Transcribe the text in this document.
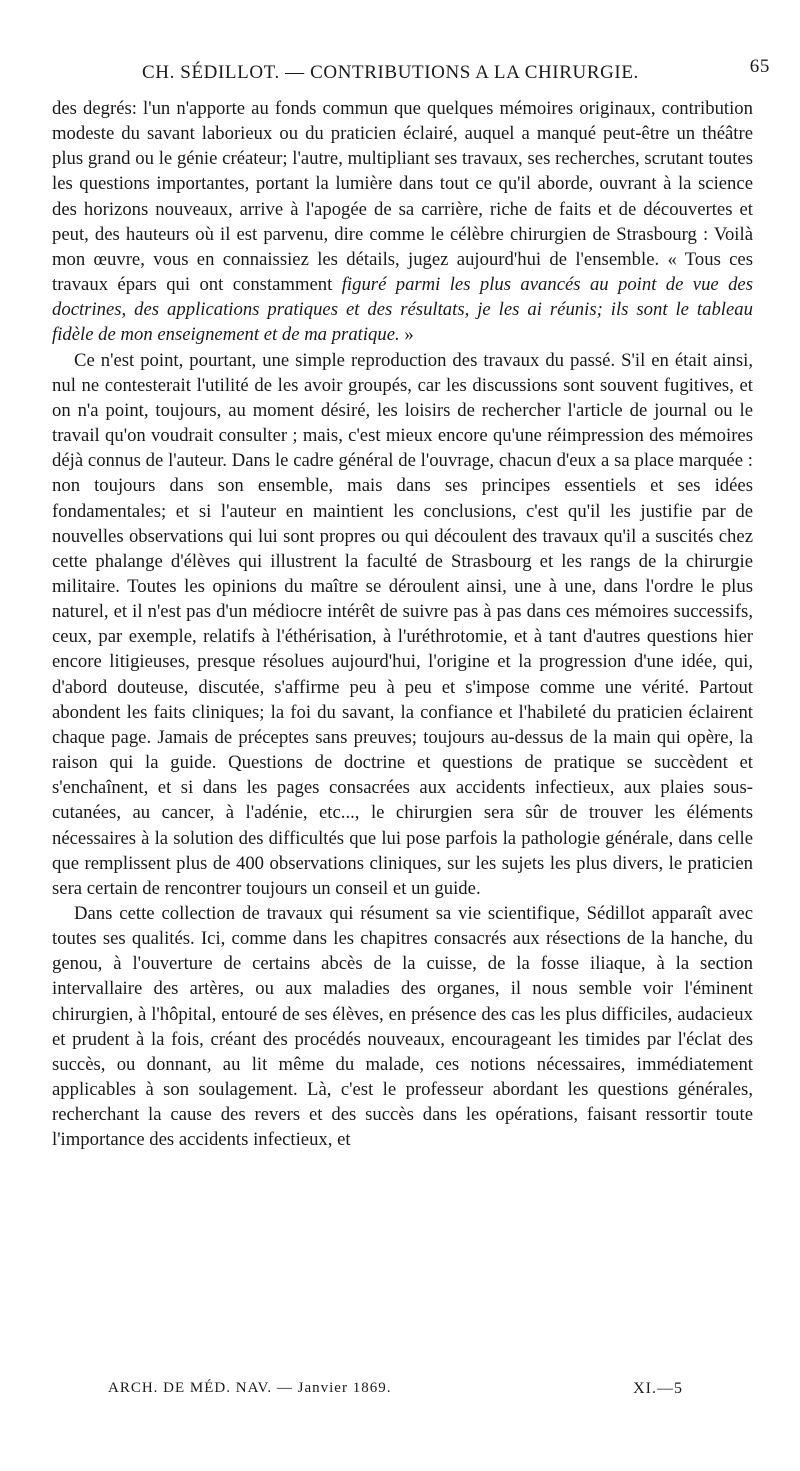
CH. SÉDILLOT. — CONTRIBUTIONS A LA CHIRURGIE.	65

des degrés: l'un n'apporte au fonds commun que quelques mémoires originaux, contribution modeste du savant laborieux ou du praticien éclairé, auquel a manqué peut-être un théâtre plus grand ou le génie créateur; l'autre, multipliant ses travaux, ses recherches, scrutant toutes les questions importantes, portant la lumière dans tout ce qu'il aborde, ouvrant à la science des horizons nouveaux, arrive à l'apogée de sa carrière, riche de faits et de découvertes et peut, des hauteurs où il est parvenu, dire comme le célèbre chirurgien de Strasbourg : Voilà mon œuvre, vous en connaissiez les détails, jugez aujourd'hui de l'ensemble. « Tous ces travaux épars qui ont constamment figuré parmi les plus avancés au point de vue des doctrines, des applications pratiques et des résultats, je les ai réunis; ils sont le tableau fidèle de mon enseignement et de ma pratique. »

Ce n'est point, pourtant, une simple reproduction des travaux du passé. S'il en était ainsi, nul ne contesterait l'utilité de les avoir groupés, car les discussions sont souvent fugitives, et on n'a point, toujours, au moment désiré, les loisirs de rechercher l'article de journal ou le travail qu'on voudrait consulter ; mais, c'est mieux encore qu'une réimpression des mémoires déjà connus de l'auteur. Dans le cadre général de l'ouvrage, chacun d'eux a sa place marquée : non toujours dans son ensemble, mais dans ses principes essentiels et ses idées fondamentales; et si l'auteur en maintient les conclusions, c'est qu'il les justifie par de nouvelles observations qui lui sont propres ou qui découlent des travaux qu'il a suscités chez cette phalange d'élèves qui illustrent la faculté de Strasbourg et les rangs de la chirurgie militaire. Toutes les opinions du maître se déroulent ainsi, une à une, dans l'ordre le plus naturel, et il n'est pas d'un médiocre intérêt de suivre pas à pas dans ces mémoires successifs, ceux, par exemple, relatifs à l'éthérisation, à l'uréthrotomie, et à tant d'autres questions hier encore litigieuses, presque résolues aujourd'hui, l'origine et la progression d'une idée, qui, d'abord douteuse, discutée, s'affirme peu à peu et s'impose comme une vérité. Partout abondent les faits cliniques; la foi du savant, la confiance et l'habileté du praticien éclairent chaque page. Jamais de préceptes sans preuves; toujours au-dessus de la main qui opère, la raison qui la guide. Questions de doctrine et questions de pratique se succèdent et s'enchaînent, et si dans les pages consacrées aux accidents infectieux, aux plaies sous-cutanées, au cancer, à l'adénie, etc..., le chirurgien sera sûr de trouver les éléments nécessaires à la solution des difficultés que lui pose parfois la pathologie générale, dans celle que remplissent plus de 400 observations cliniques, sur les sujets les plus divers, le praticien sera certain de rencontrer toujours un conseil et un guide.

Dans cette collection de travaux qui résument sa vie scientifique, Sédillot apparaît avec toutes ses qualités. Ici, comme dans les chapitres consacrés aux résections de la hanche, du genou, à l'ouverture de certains abcès de la cuisse, de la fosse iliaque, à la section intervallaire des artères, ou aux maladies des organes, il nous semble voir l'éminent chirurgien, à l'hôpital, entouré de ses élèves, en présence des cas les plus difficiles, audacieux et prudent à la fois, créant des procédés nouveaux, encourageant les timides par l'éclat des succès, ou donnant, au lit même du malade, ces notions nécessaires, immédiatement applicables à son soulagement. Là, c'est le professeur abordant les questions générales, recherchant la cause des revers et des succès dans les opérations, faisant ressortir toute l'importance des accidents infectieux, et

ARCH. DE MÉD. NAV. — Janvier 1869.	XI.—5
